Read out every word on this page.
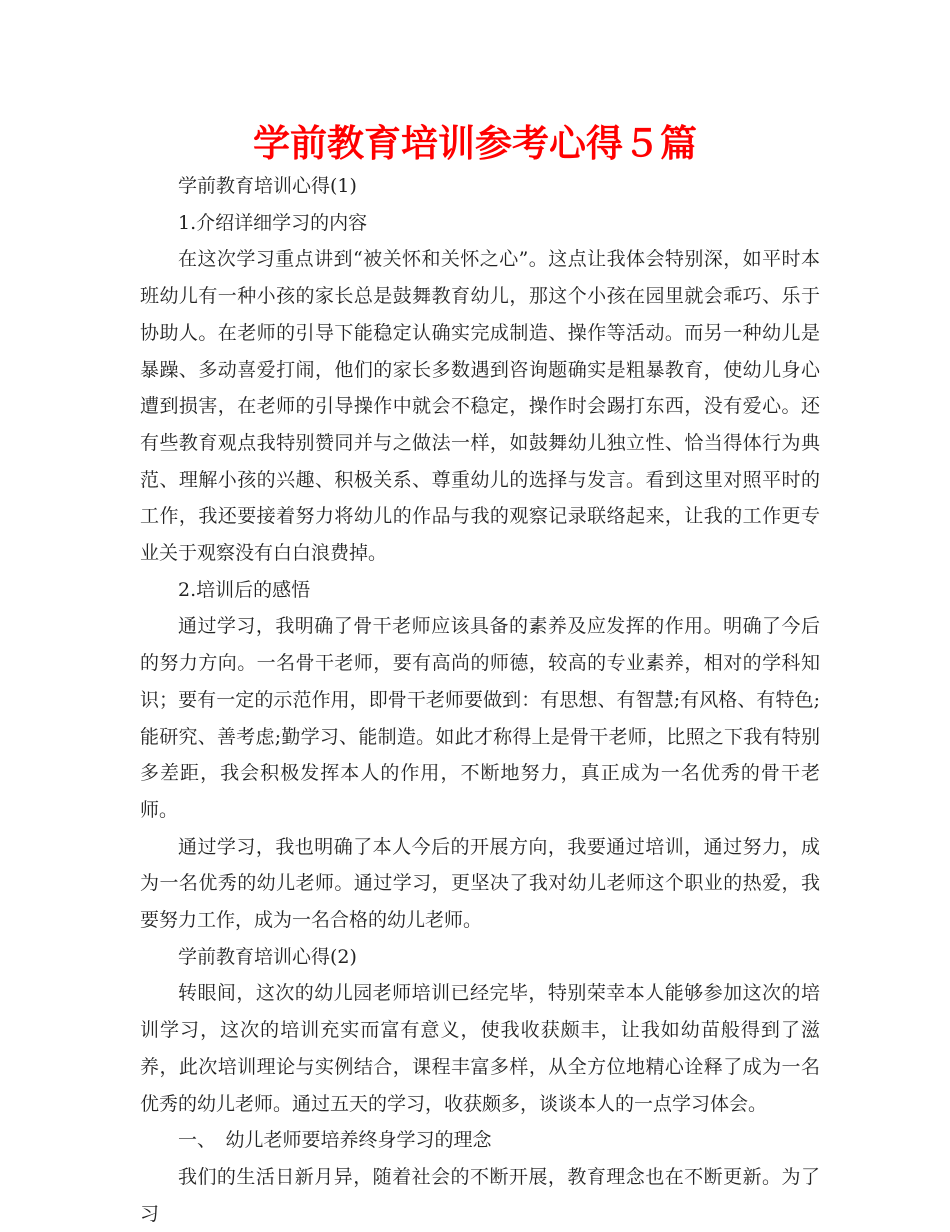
学前教育培训参考心得５篇

学前教育培训心得(1)

1.介绍详细学习的内容

在这次学习重点讲到“被关怀和关怀之心”。这点让我体会特别深，如平时本班幼儿有一种小孩的家长总是鼓舞教育幼儿，那这个小孩在园里就会乖巧、乐于协助人。在老师的引导下能稳定认确实完成制造、操作等活动。而另一种幼儿是暴躁、多动喜爱打闹，他们的家长多数遇到咨询题确实是粗暴教育，使幼儿身心遭到损害，在老师的引导操作中就会不稳定，操作时会踢打东西，没有爱心。还有些教育观点我特别赞同并与之做法一样，如鼓舞幼儿独立性、恰当得体行为典范、理解小孩的兴趣、积极关系、尊重幼儿的选择与发言。看到这里对照平时的工作，我还要接着努力将幼儿的作品与我的观察记录联络起来，让我的工作更专业关于观察没有白白浪费掉。

2.培训后的感悟

通过学习，我明确了骨干老师应该具备的素养及应发挥的作用。明确了今后的努力方向。一名骨干老师，要有高尚的师德，较高的专业素养，相对的学科知识；要有一定的示范作用，即骨干老师要做到：有思想、有智慧;有风格、有特色;能研究、善考虑;勤学习、能制造。如此才称得上是骨干老师，比照之下我有特别多差距，我会积极发挥本人的作用，不断地努力，真正成为一名优秀的骨干老师。

通过学习，我也明确了本人今后的开展方向，我要通过培训，通过努力，成为一名优秀的幼儿老师。通过学习，更坚决了我对幼儿老师这个职业的热爱，我要努力工作，成为一名合格的幼儿老师。

学前教育培训心得(2)

转眼间，这次的幼儿园老师培训已经完毕，特别荣幸本人能够参加这次的培训学习，这次的培训充实而富有意义，使我收获颇丰，让我如幼苗般得到了滋养，此次培训理论与实例结合，课程丰富多样，从全方位地精心诠释了成为一名优秀的幼儿老师。通过五天的学习，收获颇多，谈谈本人的一点学习体会。

一、　幼儿老师要培养终身学习的理念

我们的生活日新月异，随着社会的不断开展，教育理念也在不断更新。为了习
